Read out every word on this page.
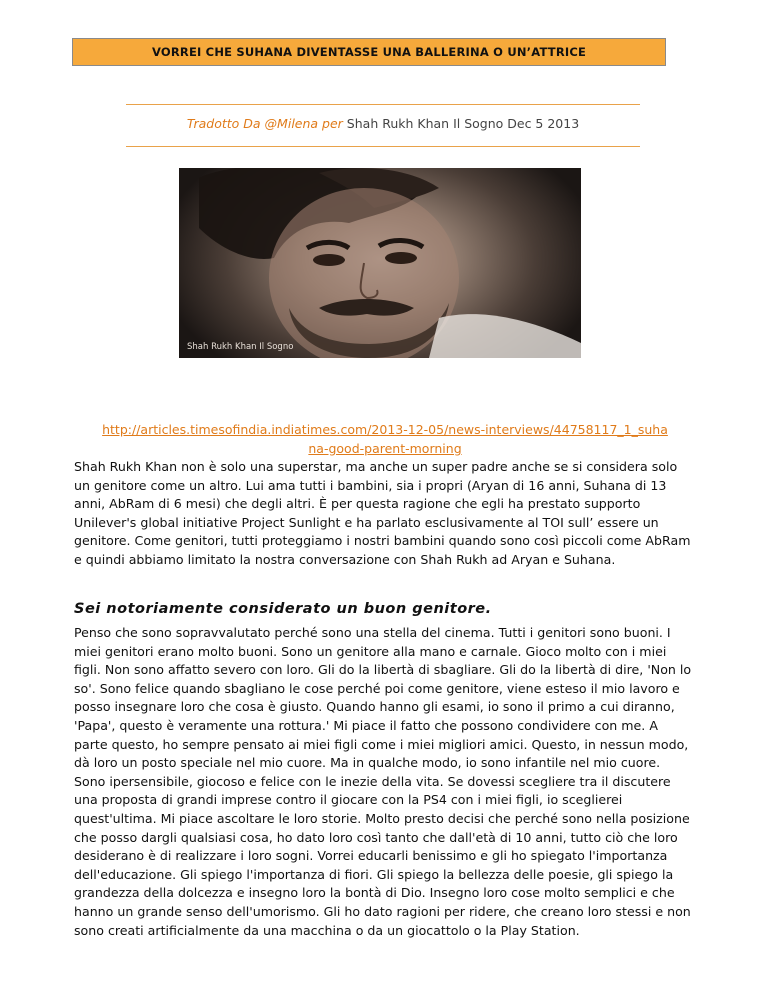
VORREI CHE SUHANA DIVENTASSE UNA BALLERINA O UN’ATTRICE
Tradotto Da @Milena per Shah Rukh Khan Il Sogno Dec 5 2013
Shah Rukh Khan Il Sogno
http://articles.timesofindia.indiatimes.com/2013-12-05/news-interviews/44758117_1_suhana-good-parent-morning
Shah Rukh Khan non è solo una superstar, ma anche un super padre anche se si considera solo un genitore come un altro. Lui ama tutti i bambini, sia i propri (Aryan di 16 anni, Suhana di 13 anni, AbRam di 6 mesi) che degli altri. È per questa ragione che egli ha prestato supporto Unilever's global initiative Project Sunlight e ha parlato esclusivamente al TOI sull’ essere un genitore. Come genitori, tutti proteggiamo i nostri bambini quando sono così piccoli come AbRam e quindi abbiamo limitato la nostra conversazione con Shah Rukh ad Aryan e Suhana.
Sei notoriamente considerato un buon genitore.
Penso che sono sopravvalutato perché sono una stella del cinema. Tutti i genitori sono buoni. I miei genitori erano molto buoni. Sono un genitore alla mano e carnale. Gioco molto con i miei figli. Non sono affatto severo con loro. Gli do la libertà di sbagliare. Gli do la libertà di dire, 'Non lo so'. Sono felice quando sbagliano le cose perché poi come genitore, viene esteso il mio lavoro e posso insegnare loro che cosa è giusto. Quando hanno gli esami, io sono il primo a cui diranno, 'Papa', questo è veramente una rottura.' Mi piace il fatto che possono condividere con me. A parte questo, ho sempre pensato ai miei figli come i miei migliori amici. Questo, in nessun modo, dà loro un posto speciale nel mio cuore. Ma in qualche modo, io sono infantile nel mio cuore. Sono ipersensibile, giocoso e felice con le inezie della vita. Se dovessi scegliere tra il discutere una proposta di grandi imprese contro il giocare con la PS4 con i miei figli, io sceglierei quest'ultima. Mi piace ascoltare le loro storie. Molto presto decisi che perché sono nella posizione che posso dargli qualsiasi cosa, ho dato loro così tanto che dall'età di 10 anni, tutto ciò che loro desiderano è di realizzare i loro sogni. Vorrei educarli benissimo e gli ho spiegato l'importanza dell'educazione. Gli spiego l'importanza di fiori. Gli spiego la bellezza delle poesie, gli spiego la grandezza della dolcezza e insegno loro la bontà di Dio. Insegno loro cose molto semplici e che hanno un grande senso dell'umorismo. Gli ho dato ragioni per ridere, che creano loro stessi e non sono creati artificialmente da una macchina o da un giocattolo o la Play Station.
